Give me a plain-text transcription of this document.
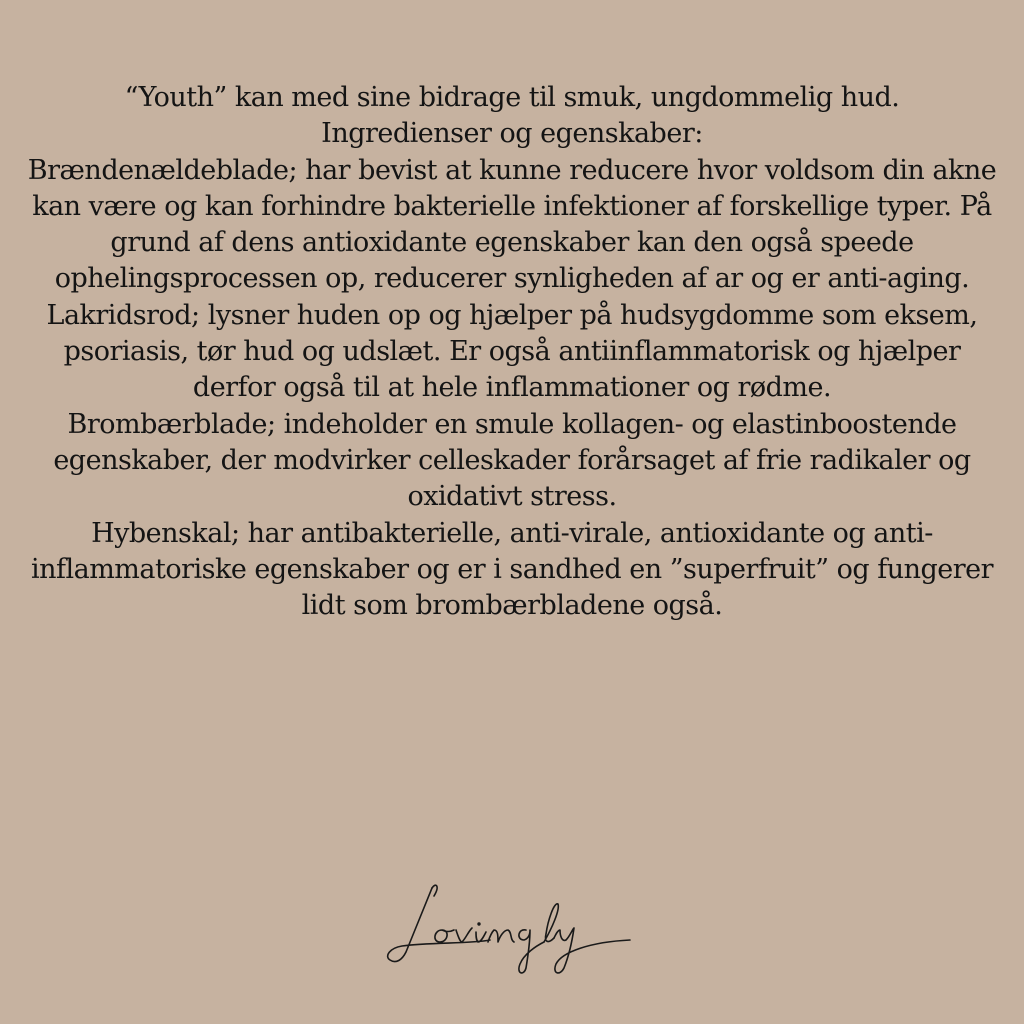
“Youth” kan med sine bidrage til smuk, ungdommelig hud.

Ingredienser og egenskaber:

Brændenældeblade; har bevist at kunne reducere hvor voldsom din akne kan være og kan forhindre bakterielle infektioner af forskellige typer. På grund af dens antioxidante egenskaber kan den også speede ophelingsprocessen op, reducerer synligheden af ar og er anti-aging.

Lakridsrod; lysner huden op og hjælper på hudsygdomme som eksem, psoriasis, tør hud og udslæt. Er også antiinflammatorisk og hjælper derfor også til at hele inflammationer og rødme.

Brombærblade; indeholder en smule kollagen- og elastinboostende egenskaber, der modvirker celleskader forårsaget af frie radikaler og oxidativt stress.

Hybenskal; har antibakterielle, anti-virale, antioxidante og anti-inflammatoriske egenskaber og er i sandhed en ”superfruit” og fungerer lidt som brombærbladene også.
